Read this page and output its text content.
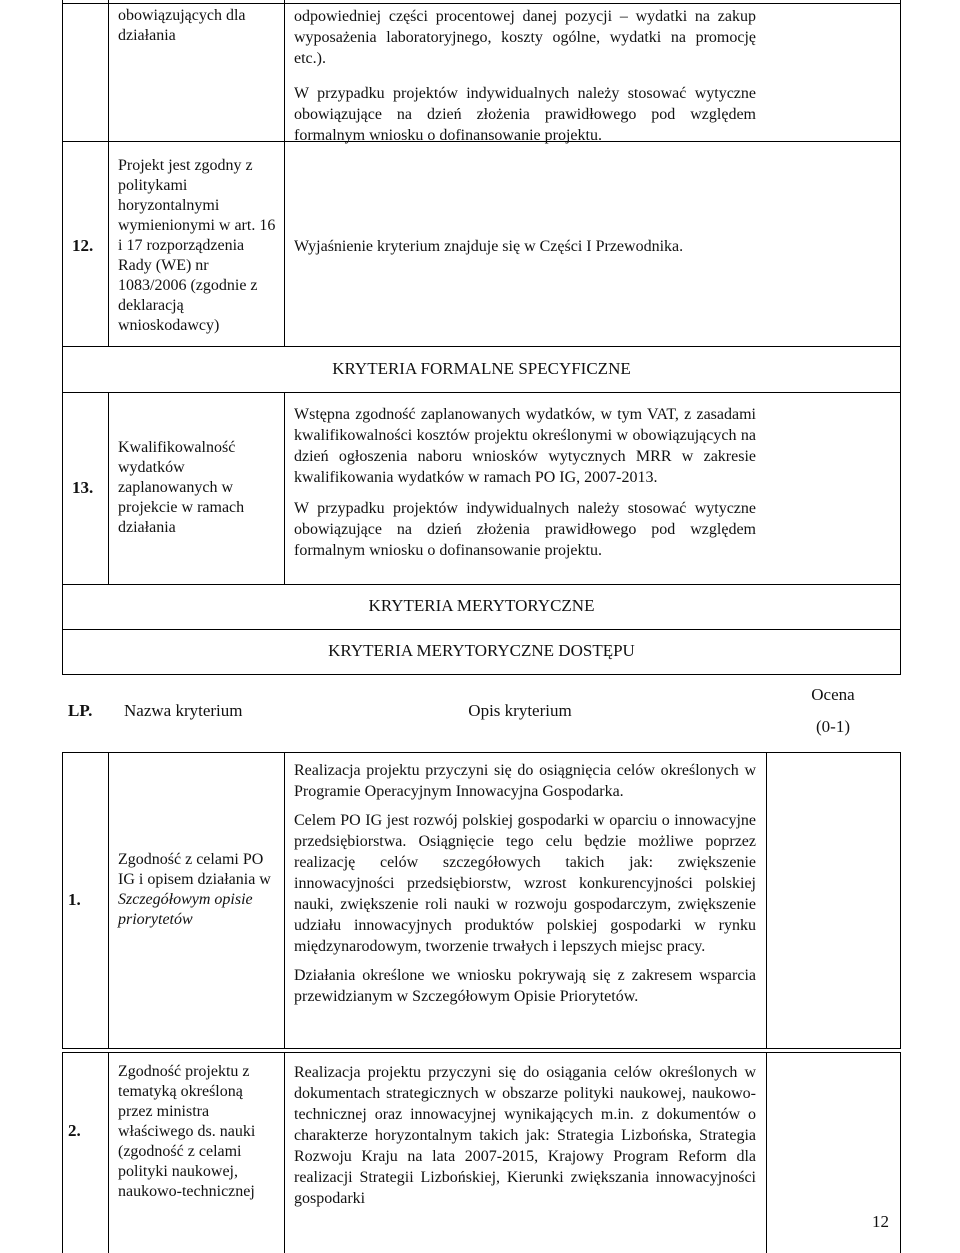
obowiązujących dla działania

odpowiedniej części procentowej danej pozycji – wydatki na zakup wyposażenia laboratoryjnego, koszty ogólne, wydatki na promocję etc.).

W przypadku projektów indywidualnych należy stosować wytyczne obowiązujące na dzień złożenia prawidłowego pod względem formalnym wniosku o dofinansowanie projektu.

12.
Projekt jest zgodny z politykami horyzontalnymi wymienionymi w art. 16 i 17 rozporządzenia Rady (WE) nr 1083/2006 (zgodnie z deklaracją wnioskodawcy)
Wyjaśnienie kryterium znajduje się w Części I Przewodnika.
KRYTERIA FORMALNE SPECYFICZNE
13.
Kwalifikowalność wydatków zaplanowanych w projekcie w ramach działania

Wstępna zgodność zaplanowanych wydatków, w tym VAT, z zasadami kwalifikowalności kosztów projektu określonymi w obowiązujących na dzień ogłoszenia naboru wniosków wytycznych MRR w zakresie kwalifikowania wydatków w ramach PO IG, 2007-2013.

W przypadku projektów indywidualnych należy stosować wytyczne obowiązujące na dzień złożenia prawidłowego pod względem formalnym wniosku o dofinansowanie projektu.

KRYTERIA MERYTORYCZNE
KRYTERIA MERYTORYCZNE DOSTĘPU
LP. Nazwa kryterium	Opis kryterium
Ocena
(0-1)
1.
Zgodność z celami PO IG i opisem działania w Szczegółowym opisie priorytetów

Realizacja projektu przyczyni się do osiągnięcia celów określonych w Programie Operacyjnym Innowacyjna Gospodarka.

Celem PO IG jest rozwój polskiej gospodarki w oparciu o innowacyjne przedsiębiorstwa. Osiągnięcie tego celu będzie możliwe poprzez realizację celów szczegółowych takich jak: zwiększenie innowacyjności przedsiębiorstw, wzrost konkurencyjności polskiej nauki, zwiększenie roli nauki w rozwoju gospodarczym, zwiększenie udziału innowacyjnych produktów polskiej gospodarki w rynku międzynarodowym, tworzenie trwałych i lepszych miejsc pracy.

Działania określone we wniosku pokrywają się z zakresem wsparcia przewidzianym w Szczegółowym Opisie Priorytetów.

2.
Zgodność projektu z tematyką określoną przez ministra właściwego ds. nauki (zgodność z celami polityki naukowej, naukowo-technicznej
Realizacja projektu przyczyni się do osiągania celów określonych w dokumentach strategicznych w obszarze polityki naukowej, naukowo-technicznej oraz innowacyjnej wynikających m.in. z dokumentów o charakterze horyzontalnym takich jak: Strategia Lizbońska, Strategia Rozwoju Kraju na lata 2007-2015, Krajowy Program Reform dla realizacji Strategii Lizbońskiej, Kierunki zwiększania innowacyjności gospodarki
12
